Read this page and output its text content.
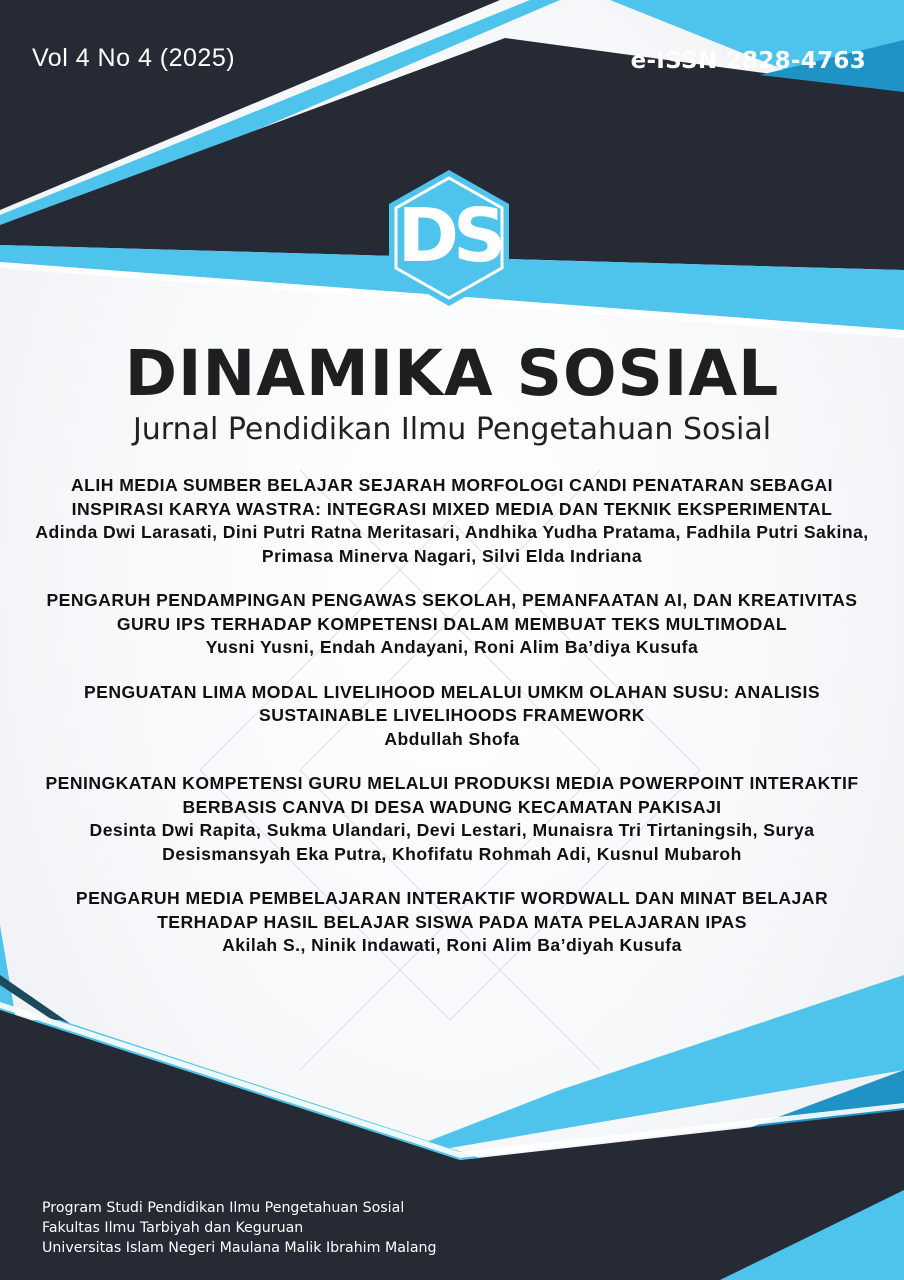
Vol 4 No 4 (2025)	e-ISSN 2828-4763
DS
DINAMIKA SOSIAL
Jurnal Pendidikan Ilmu Pengetahuan Sosial
ALIH MEDIA SUMBER BELAJAR SEJARAH MORFOLOGI CANDI PENATARAN SEBAGAI INSPIRASI KARYA WASTRA: INTEGRASI MIXED MEDIA DAN TEKNIK EKSPERIMENTAL
Adinda Dwi Larasati, Dini Putri Ratna Meritasari, Andhika Yudha Pratama, Fadhila Putri Sakina, Primasa Minerva Nagari, Silvi Elda Indriana
PENGARUH PENDAMPINGAN PENGAWAS SEKOLAH, PEMANFAATAN AI, DAN KREATIVITAS GURU IPS TERHADAP KOMPETENSI DALAM MEMBUAT TEKS MULTIMODAL
Yusni Yusni, Endah Andayani, Roni Alim Ba’diya Kusufa
PENGUATAN LIMA MODAL LIVELIHOOD MELALUI UMKM OLAHAN SUSU: ANALISIS SUSTAINABLE LIVELIHOODS FRAMEWORK
Abdullah Shofa
PENINGKATAN KOMPETENSI GURU MELALUI PRODUKSI MEDIA POWERPOINT INTERAKTIF BERBASIS CANVA DI DESA WADUNG KECAMATAN PAKISAJI
Desinta Dwi Rapita, Sukma Ulandari, Devi Lestari, Munaisra Tri Tirtaningsih, Surya Desismansyah Eka Putra, Khofifatu Rohmah Adi, Kusnul Mubaroh
PENGARUH MEDIA PEMBELAJARAN INTERAKTIF WORDWALL DAN MINAT BELAJAR TERHADAP HASIL BELAJAR SISWA PADA MATA PELAJARAN IPAS
Akilah S., Ninik Indawati, Roni Alim Ba’diyah Kusufa
Program Studi Pendidikan Ilmu Pengetahuan Sosial
Fakultas Ilmu Tarbiyah dan Keguruan
Universitas Islam Negeri Maulana Malik Ibrahim Malang
